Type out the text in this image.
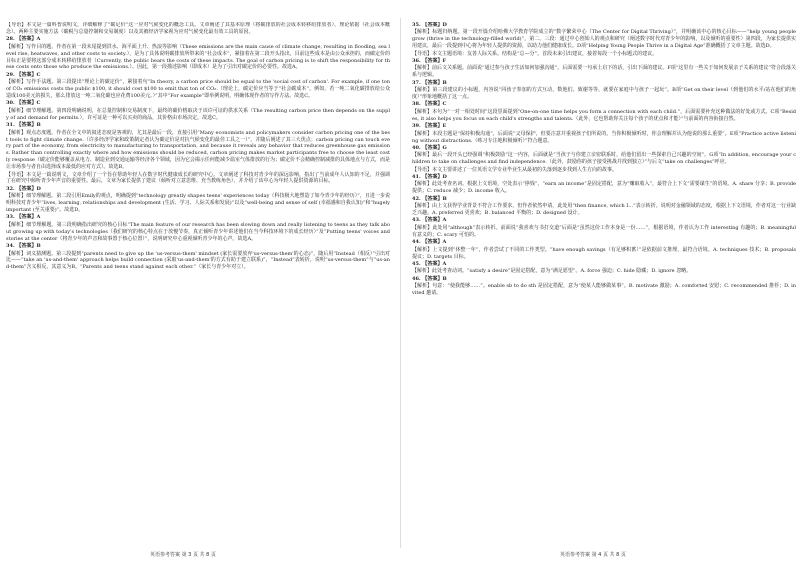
【导语】本文是一篇科普说明文，详细解释了“碳足价”这一应对气候变化的概念工具。文章阐述了其基本原理（将碳排放的社会成本转移给排放者）、理论依据（社会成本概念）、两种主要实施方法（碳税与总量控制和交易制度）以及其被经济学家视为应对气候变化最有效工具的原因。
28. 【答案】A
【解析】写作目的题。作者在第一段末尾提到洪水、海平面上升、热浪等影响（These emissions are the main cause of climate change, resulting in flooding, sea level rise, heatwaves, and other costs to society.），是为了具体说明碳排放所带来的“社会成本”，紧接着在第二段开头指出，目前这些成本是由公众承担的，而碳定价的目标正是要将这部分成本转移给排放者（Currently, the public bears the costs of these impacts. The goal of carbon pricing is to shift the responsibility for these costs onto those who produce the emissions.）。因此，第一段描述影响（即成本）是为了引出对碳定价的必要性。故选A。
29. 【答案】C
【解析】写作手法题。第三段提出“理论上的碳定价”，紧接着句“In theory, a carbon price should be equal to the 'social cost of carbon'. For example, if one ton of CO₂ emissions costs the public $100, it should cost $100 to emit that ton of CO₂.（理论上，碳定价应当等于“社会碳成本”。例如，若一吨二氧化碳排放给公众造成100美元的损失，那么排放这一吨二氧化碳也应花费100美元。）”其中“For example”即举例说明，明确体现作者的写作方法。故选C。
30. 【答案】C
【解析】细节理解题。第四段明确说明，在总量控制和交易制度下，最终的碳价格取决于该许可证的供求关系（The resulting carbon price then depends on the supply of and demand for permits.），许可证是一种可以买卖的商品，其价格由市场决定。故选C。
31. 【答案】B
【解析】观点态度题。作者在全文中的叙述态度是客观的，尤其是最后一段，直接引用“Many economists and policymakers consider carbon pricing one of the best tools to fight climate change.（许多经济学家和政策制定者认为碳定价是对抗气候变化的最佳工具之一）”，并随后阐述了其三大优点：carbon pricing can touch every part of the economy, from electricity to manufacturing to transportation, and because it reveals any behavior that reduces greenhouse gas emissions. Rather than controlling exactly where and how emissions should be reduced, carbon pricing makes market participants free to choose the least costly response（碳定价能够覆盖从电力、制造业到交通运输等经济各个领域，因为它会揭示任何能减少温室气体排放的行为；碳定价不会精确控制减排的具体地点与方式，而是让市场参与者自由选择成本最低的应对方式）。故选B。
【导语】本文是一篇说明文，文章介绍了一个旨在帮助年轻人在数字时代健康成长的研究中心。文章阐述了科技对青少年的深远影响，指出了当前成年人认知的不足，并强调了在研究中倾听青少年声音的重要性。最后，文章为家长提供了建议（倾听对立意思维、充当教练角色），并介绍了该中心为年轻人提供资源的目标。
32. 【答案】D
【解析】细节理解题。第二段引用Emily的观点，明确提到“technology greatly shapes teens' experiences today（科技极大地塑造了如今青少年的经历）”，且进一步说明科技对青少年“lives, learning, relationships and development (生活、学习、人际关系和发展)”以及“well-being and sense of self (幸福感和自我认知)”和“hugely important (至关重要)”。故选D。
33. 【答案】A
【解析】细节理解题。第三段明确指出研究的核心目标“The main feature of our research has been slowing down and really listening to teens as they talk about growing up with today's technologies（我们研究的核心特点在于放慢节奏，真正倾听青少年讲述他们在当今科技环境下的成长经历）”及“Putting teens' voices and stories at the center（将青少年的声音和故事置于核心位置）”，说明研究中心重视倾听青少年的心声。故选A。
34. 【答案】B
【解析】词义猜测题。第三段提到“parents need to give up the 'us-versus-them' mindset (家长需要放弃'us-versus-them'的心态)”，随后用“Instead（相反）”引出对比——“take an 'us-and-them' approach helps build connection (采取'us-and-them'的方式有助于建立联系)”，“Instead”表转折，说明“us-versus-them”与“us-and-them”含义相反，其意义为B。“Parents and teens stand against each other.”（家长与青少年对立）。
35. 【答案】D
【解析】标题归纳题。第一段开篇介绍哈佛大学教育学院成立的“数字繁荣中心（The Center for Digital Thriving）”，并明确该中心的核心目标——“help young people grow (thrive in the technology-filled world)”，第二、三段：通过中心创始人的观点和研究（阐述数字时代对青少年的影响，以及倾听的重要性）第四段，为家长提供实用建议，最后一段提到中心将为年轻人提供的资源，以助力他们健康成长。D项“Helping Young People Thrive in a Digital Age”准确概括了文章主题。故选D。
【导语】本文主题语境：友善人际关系。结构是“总—分”。首段未来引出建议，接着每段一个小标题式的建议。
36. 【答案】F
【解析】前后文关系题。前面说“通过参与孩子生活如何加强沟通”，后面需要一句承上启下的话，引出下面的建议。F项“这里有一些关于如何发展亲子关系的建议”符合段落关系与逻辑。
37. 【答案】B
【解析】第三段建议的小标题，内容说“同孩子参加的方式互动，数他们、致谢等等，就要在家庭中与孩子一起玩”。B项“Get on their level（到他们的水平/站在他们的角度）”形象地概括了这一点。
38. 【答案】C
【解析】本句为“一对一相处时间”这段里面提到“One-on-one time helps you form a connection with each child.”，后面需要补充这种做法的好处或方式。C项“Besides, it also helps you focus on each child's strengths and talents.（此外，它也帮助你关注每个孩子的优点和才能）”与前面的内容衔接自然。
39. 【答案】E
【解析】本段主题是“保持积极沟通”，后面说“父母保护，但要注意并重视孩子们所说的。当你积极倾听时，你会理解并认为他说的那么重要”。E项“Practice active listening without distractions.（练习专注地积极倾听）”符合题意。
40. 【答案】G
【解析】最后一段开头已经强调“积极鼓励”这一内容，后面就是“当孩子与你建立亲密联系时，给他们留出一些探索自己兴趣的空间”。G项“In addition, encourage your children to take on challenges and find independence.（此外，鼓励你的孩子接受挑战并找到独立）”与后文“take on challenges”呼应。
【导语】本文主要讲述了一位英语文学专业毕业生从最初的失落到逐步找到人生方向的故事。
41. 【答案】D
【解析】此处考查名词。根据上文语境，空处表示“挣钱”，“earn an income”是固定搭配，意为“赚取收入”，最符合上下文“需要谋生”的语境。A. share 分享；B. provide 提供；C. reduce 减少；D. income 收入。
42. 【答案】B
【解析】由上文获得学业背景不符合工作要求，但作者依然申请，此处用“then finance, which I...”表示转折。说明对金融领域的态度，根据上下文语境，作者对这一行业缺乏兴趣。A. preferred 更喜欢；B. balanced 平衡的；D. designed 设计。
43. 【答案】A
【解析】此处用“although”表示转折。前面说“我喜欢与书打交道”后面是“虽然这份工作本身是一份……”，根据语境，作者认为工作 interesting 有趣的；B. meaningful 有意义的；C. scary 可怕的。
44. 【答案】A
【解析】上文提到“休整一年”，作者尝试了不同的工作类型。“have enough savings（有足够积蓄）”是依据前文推理，最符合语境。A. techniques 技术；B. proposals 提议；D. targets 目标。
45. 【答案】A
【解析】此处考查动词。“satisfy a desire”是固定搭配，意为“满足愿望”。A. force 强迫；C. hide 隐藏；D. ignore 忽略。
46. 【答案】B
【解析】句意：“使我能够……”。enable sb to do sth 是固定搭配，意为“使某人能够做某事”。B. motivate 激励；A. comforted 安慰；C. recommended 推荐；D. invited 邀请。
英语参考答案 第 3 页 共 8 页	英语参考答案 第 4 页 共 8 页
